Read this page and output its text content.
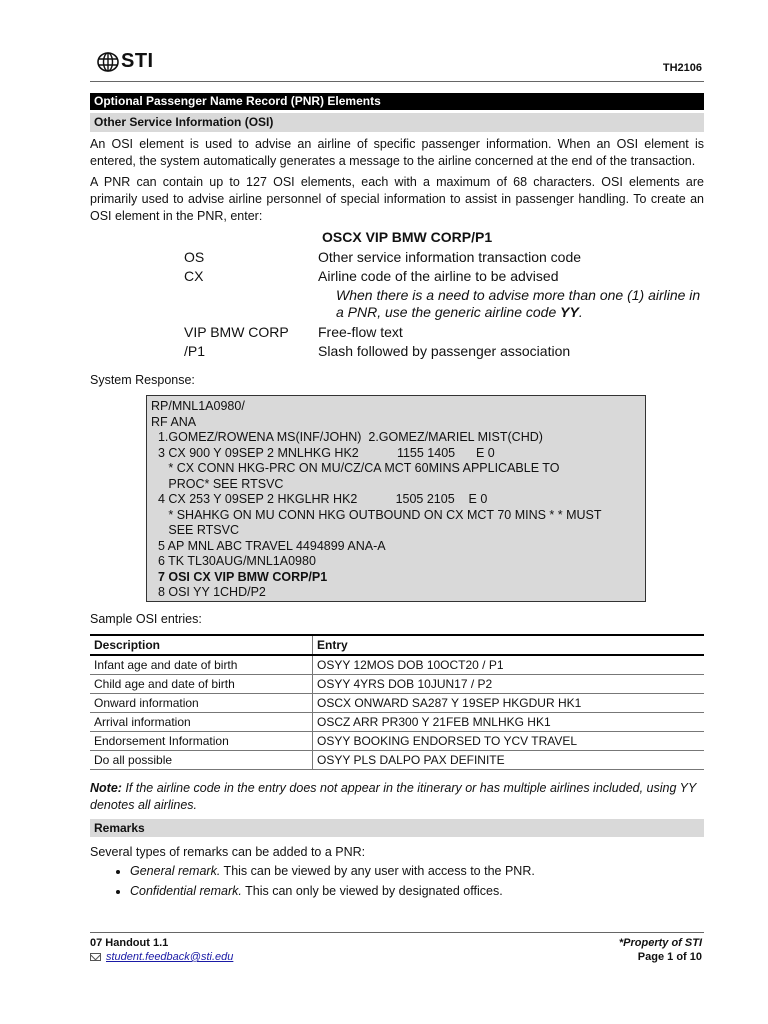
STI	TH2106
Optional Passenger Name Record (PNR) Elements
Other Service Information (OSI)

An OSI element is used to advise an airline of specific passenger information. When an OSI element is entered, the system automatically generates a message to the airline concerned at the end of the transaction.

A PNR can contain up to 127 OSI elements, each with a maximum of 68 characters. OSI elements are primarily used to advise airline personnel of special information to assist in passenger handling. To create an OSI element in the PNR, enter:

OSCX VIP BMW CORP/P1
OS	Other service information transaction code
CX	Airline code of the airline to be advised
When there is a need to advise more than one (1) airline in a PNR, use the generic airline code YY.
VIP BMW CORP	Free-flow text
/P1	Slash followed by passenger association
System Response:
RP/MNL1A0980/
RF ANA
1.GOMEZ/ROWENA MS(INF/JOHN)  2.GOMEZ/MARIEL MIST(CHD)
3 CX 900 Y 09SEP 2 MNLHKG HK2           1155 1405      E 0
* CX CONN HKG-PRC ON MU/CZ/CA MCT 60MINS APPLICABLE TO
PROC* SEE RTSVC
4 CX 253 Y 09SEP 2 HKGLHR HK2           1505 2105    E 0
* SHAHKG ON MU CONN HKG OUTBOUND ON CX MCT 70 MINS * * MUST
SEE RTSVC
5 AP MNL ABC TRAVEL 4494899 ANA-A
6 TK TL30AUG/MNL1A0980
7 OSI CX VIP BMW CORP/P1
8 OSI YY 1CHD/P2
Sample OSI entries:
Description	Entry
Infant age and date of birth	OSYY 12MOS DOB 10OCT20 / P1
Child age and date of birth	OSYY 4YRS DOB 10JUN17 / P2
Onward information	OSCX ONWARD SA287 Y 19SEP HKGDUR HK1
Arrival information	OSCZ ARR PR300 Y 21FEB MNLHKG HK1
Endorsement Information	OSYY BOOKING ENDORSED TO YCV TRAVEL
Do all possible	OSYY PLS DALPO PAX DEFINITE
Note: If the airline code in the entry does not appear in the itinerary or has multiple airlines included, using YY denotes all airlines.
Remarks
Several types of remarks can be added to a PNR:
• General remark. This can be viewed by any user with access to the PNR.
• Confidential remark. This can only be viewed by designated offices.
07 Handout 1.1
student.feedback@sti.edu
*Property of STI
Page 1 of 10
